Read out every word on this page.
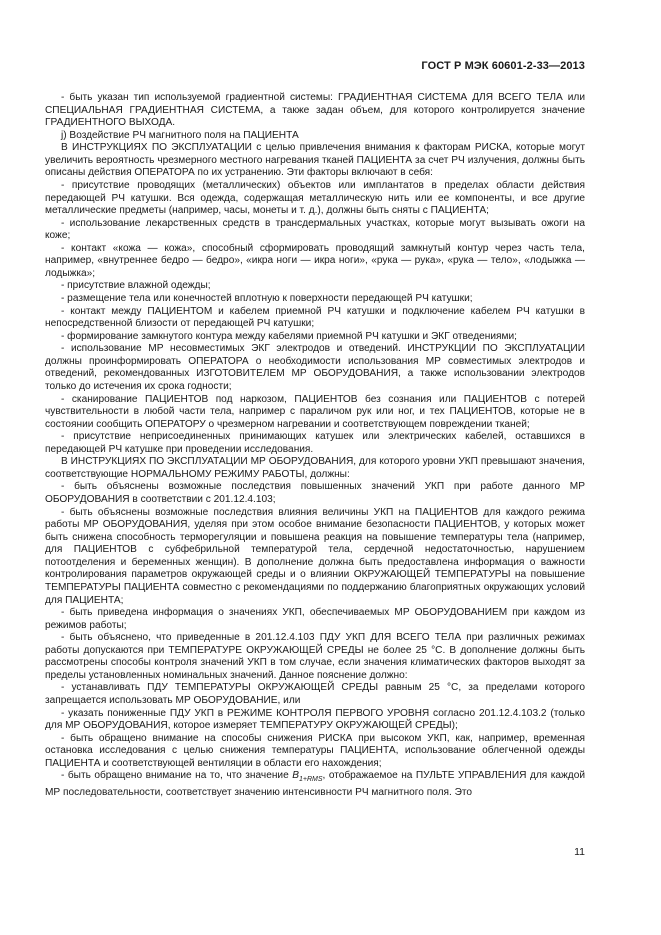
ГОСТ Р МЭК 60601-2-33—2013

- быть указан тип используемой градиентной системы: ГРАДИЕНТНАЯ СИСТЕМА ДЛЯ ВСЕГО ТЕЛА или СПЕЦИАЛЬНАЯ ГРАДИЕНТНАЯ СИСТЕМА, а также задан объем, для которого контролируется значение ГРАДИЕНТНОГО ВЫХОДА.

j) Воздействие РЧ магнитного поля на ПАЦИЕНТА

В ИНСТРУКЦИЯХ ПО ЭКСПЛУАТАЦИИ с целью привлечения внимания к факторам РИСКА, которые могут увеличить вероятность чрезмерного местного нагревания тканей ПАЦИЕНТА за счет РЧ излучения, должны быть описаны действия ОПЕРАТОРА по их устранению. Эти факторы включают в себя:

- присутствие проводящих (металлических) объектов или имплантатов в пределах области действия передающей РЧ катушки. Вся одежда, содержащая металлическую нить или ее компоненты, и все другие металлические предметы (например, часы, монеты и т. д.), должны быть сняты с ПАЦИЕНТА;

- использование лекарственных средств в трансдермальных участках, которые могут вызывать ожоги на коже;

- контакт «кожа — кожа», способный сформировать проводящий замкнутый контур через часть тела, например, «внутреннее бедро — бедро», «икра ноги — икра ноги», «рука — рука», «рука — тело», «лодыжка — лодыжка»;

- присутствие влажной одежды;

- размещение тела или конечностей вплотную к поверхности передающей РЧ катушки;

- контакт между ПАЦИЕНТОМ и кабелем приемной РЧ катушки и подключение кабелем РЧ катушки в непосредственной близости от передающей РЧ катушки;

- формирование замкнутого контура между кабелями приемной РЧ катушки и ЭКГ отведениями;

- использование МР несовместимых ЭКГ электродов и отведений. ИНСТРУКЦИИ ПО ЭКСПЛУАТАЦИИ должны проинформировать ОПЕРАТОРА о необходимости использования МР совместимых электродов и отведений, рекомендованных ИЗГОТОВИТЕЛЕМ МР ОБОРУДОВАНИЯ, а также использовании электродов только до истечения их срока годности;

- сканирование ПАЦИЕНТОВ под наркозом, ПАЦИЕНТОВ без сознания или ПАЦИЕНТОВ с потерей чувствительности в любой части тела, например с параличом рук или ног, и тех ПАЦИЕНТОВ, которые не в состоянии сообщить ОПЕРАТОРУ о чрезмерном нагревании и соответствующем повреждении тканей;

- присутствие неприсоединенных принимающих катушек или электрических кабелей, оставшихся в передающей РЧ катушке при проведении исследования.

В ИНСТРУКЦИЯХ ПО ЭКСПЛУАТАЦИИ МР ОБОРУДОВАНИЯ, для которого уровни УКП превышают значения, соответствующие НОРМАЛЬНОМУ РЕЖИМУ РАБОТЫ, должны:

- быть объяснены возможные последствия повышенных значений УКП при работе данного МР ОБОРУДОВАНИЯ в соответствии с 201.12.4.103;

- быть объяснены возможные последствия влияния величины УКП на ПАЦИЕНТОВ для каждого режима работы МР ОБОРУДОВАНИЯ, уделяя при этом особое внимание безопасности ПАЦИЕНТОВ, у которых может быть снижена способность терморегуляции и повышена реакция на повышение температуры тела (например, для ПАЦИЕНТОВ с субфебрильной температурой тела, сердечной недостаточностью, нарушением потоотделения и беременных женщин). В дополнение должна быть предоставлена информация о важности контролирования параметров окружающей среды и о влиянии ОКРУЖАЮЩЕЙ ТЕМПЕРАТУРЫ на повышение ТЕМПЕРАТУРЫ ПАЦИЕНТА совместно с рекомендациями по поддержанию благоприятных окружающих условий для ПАЦИЕНТА;

- быть приведена информация о значениях УКП, обеспечиваемых МР ОБОРУДОВАНИЕМ при каждом из режимов работы;

- быть объяснено, что приведенные в 201.12.4.103 ПДУ УКП ДЛЯ ВСЕГО ТЕЛА при различных режимах работы допускаются при ТЕМПЕРАТУРЕ ОКРУЖАЮЩЕЙ СРЕДЫ не более 25 °С. В дополнение должны быть рассмотрены способы контроля значений УКП в том случае, если значения климатических факторов выходят за пределы установленных номинальных значений. Данное пояснение должно:

- устанавливать ПДУ ТЕМПЕРАТУРЫ ОКРУЖАЮЩЕЙ СРЕДЫ равным 25 °С, за пределами которого запрещается использовать МР ОБОРУДОВАНИЕ, или

- указать пониженные ПДУ УКП в РЕЖИМЕ КОНТРОЛЯ ПЕРВОГО УРОВНЯ согласно 201.12.4.103.2 (только для МР ОБОРУДОВАНИЯ, которое измеряет ТЕМПЕРАТУРУ ОКРУЖАЮЩЕЙ СРЕДЫ);

- быть обращено внимание на способы снижения РИСКА при высоком УКП, как, например, временная остановка исследования с целью снижения температуры ПАЦИЕНТА, использование облегченной одежды ПАЦИЕНТА и соответствующей вентиляции в области его нахождения;

- быть обращено внимание на то, что значение $B_{1+RMS}$, отображаемое на ПУЛЬТЕ УПРАВЛЕНИЯ для каждой МР последовательности, соответствует значению интенсивности РЧ магнитного поля. Это

11
